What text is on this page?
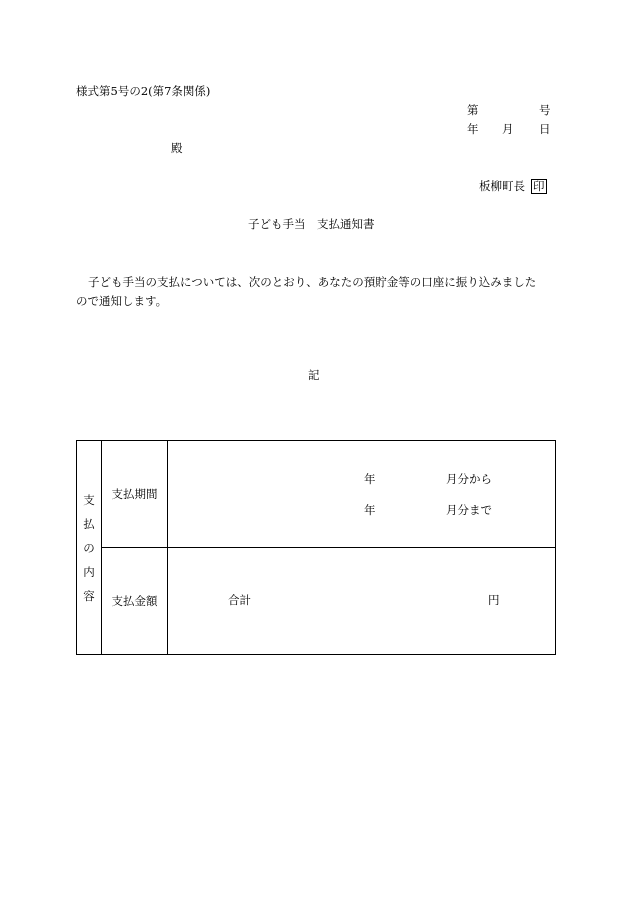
様式第5号の2(第7条関係)
第	号
年 月 日
殿
板柳町長 印
子ども手当　支払通知書
子ども手当の支払については、次のとおり、あなたの預貯金等の口座に振り込みました
ので通知します。
記
支
払
の
内
容	支払期間	年 月分から
年 月分まで

	支払金額	合計 円
